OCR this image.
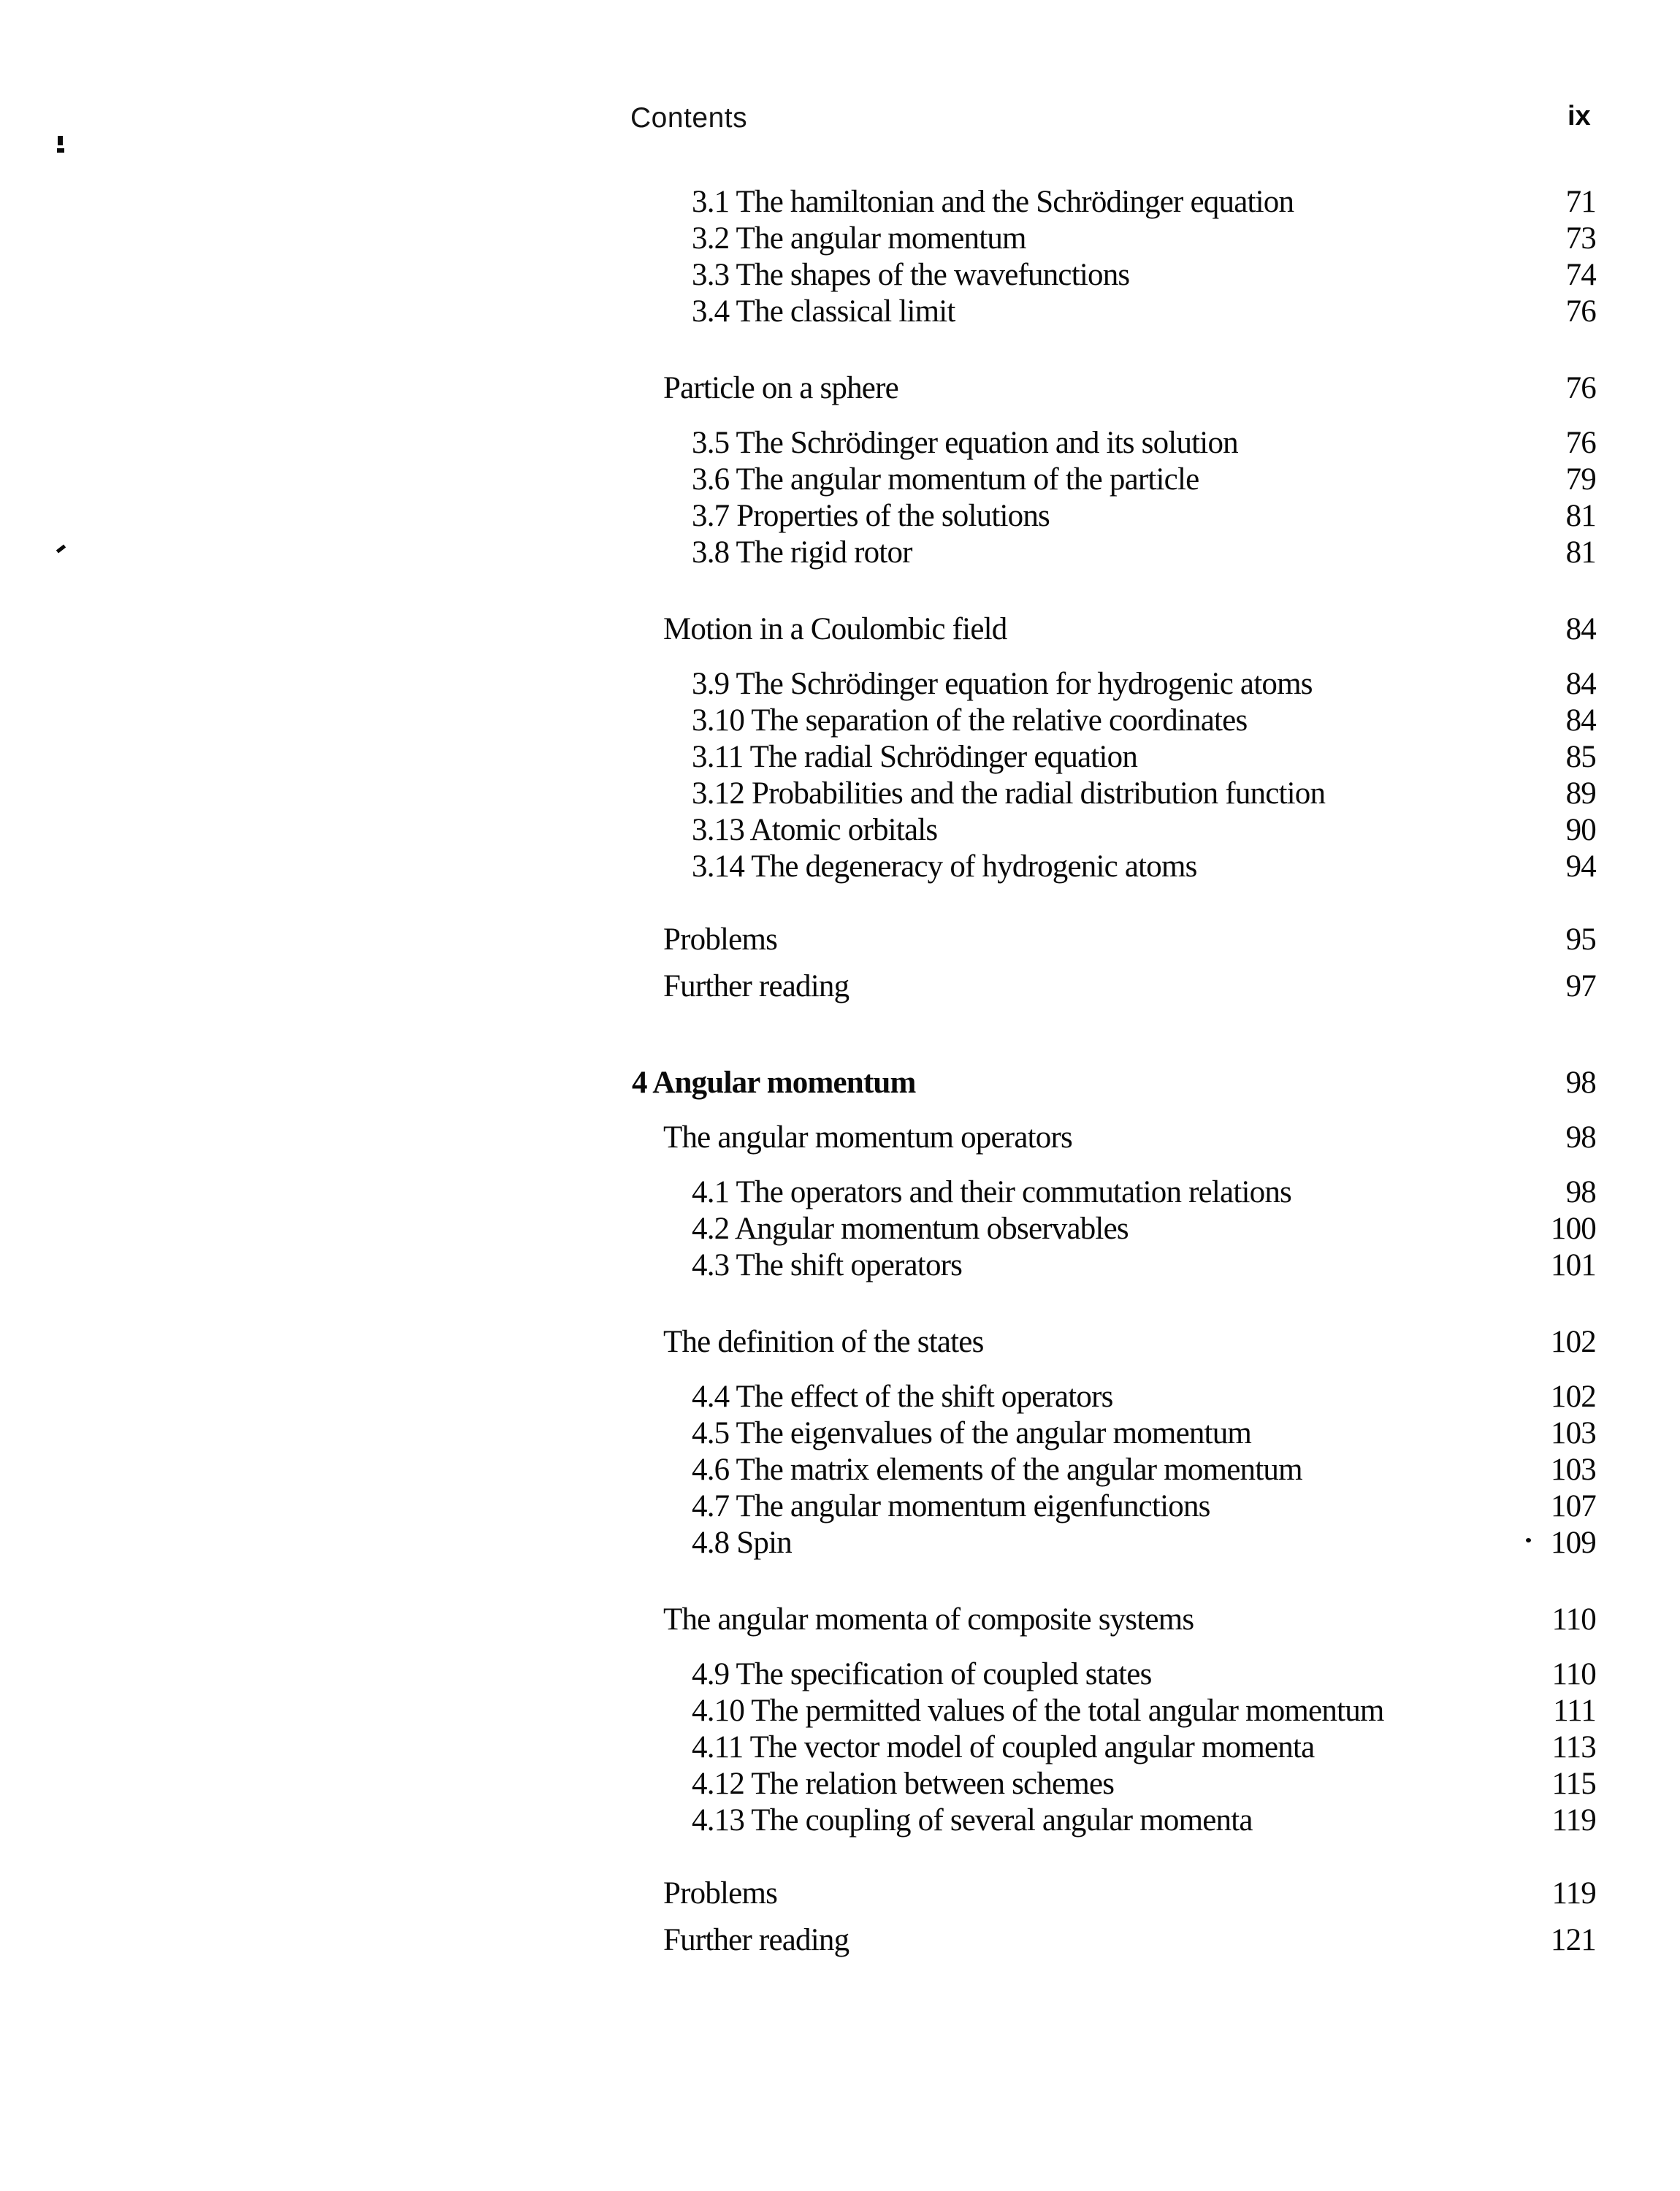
Contents	ix
3.1 The hamiltonian and the Schrödinger equation	71
3.2 The angular momentum	73
3.3 The shapes of the wavefunctions	74
3.4 The classical limit	76
Particle on a sphere	76
3.5 The Schrödinger equation and its solution	76
3.6 The angular momentum of the particle	79
3.7 Properties of the solutions	81
3.8 The rigid rotor	81
Motion in a Coulombic field	84
3.9 The Schrödinger equation for hydrogenic atoms	84
3.10 The separation of the relative coordinates	84
3.11 The radial Schrödinger equation	85
3.12 Probabilities and the radial distribution function	89
3.13 Atomic orbitals	90
3.14 The degeneracy of hydrogenic atoms	94
Problems	95
Further reading	97
4 Angular momentum	98
The angular momentum operators	98
4.1 The operators and their commutation relations	98
4.2 Angular momentum observables	100
4.3 The shift operators	101
The definition of the states	102
4.4 The effect of the shift operators	102
4.5 The eigenvalues of the angular momentum	103
4.6 The matrix elements of the angular momentum	103
4.7 The angular momentum eigenfunctions	107
4.8 Spin	109
The angular momenta of composite systems	110
4.9 The specification of coupled states	110
4.10 The permitted values of the total angular momentum	111
4.11 The vector model of coupled angular momenta	113
4.12 The relation between schemes	115
4.13 The coupling of several angular momenta	119
Problems	119
Further reading	121
